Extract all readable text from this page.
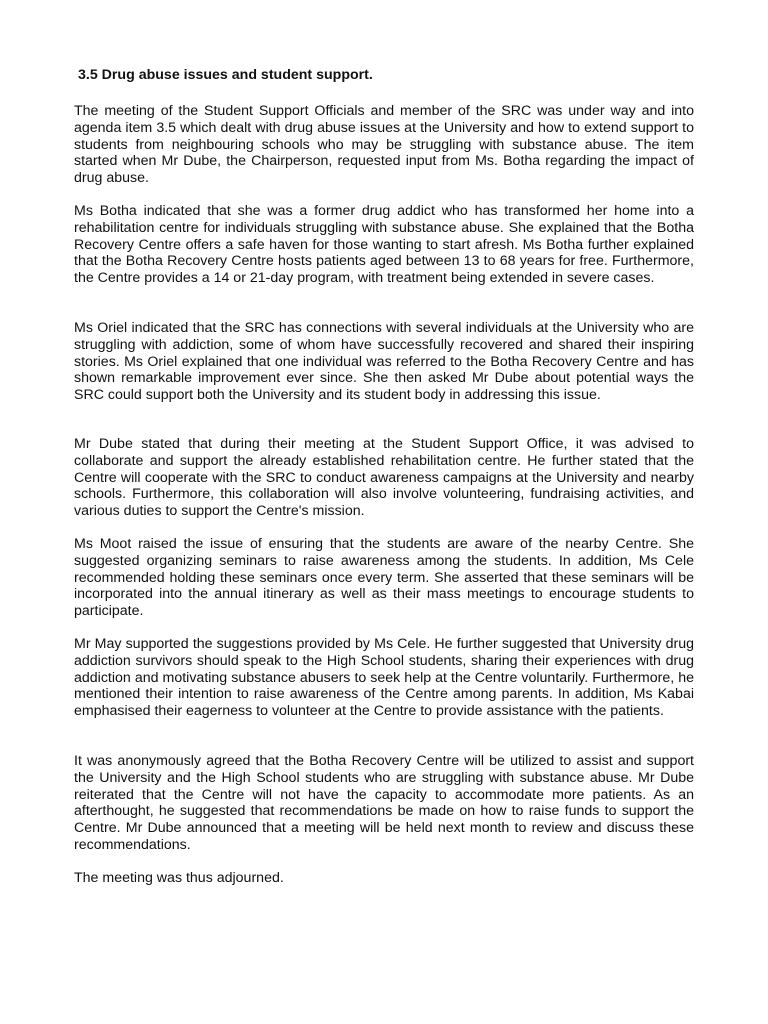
3.5 Drug abuse issues and student support.

The meeting of the Student Support Officials and member of the SRC was under way and into agenda item 3.5 which dealt with drug abuse issues at the University and how to extend support to students from neighbouring schools who may be struggling with substance abuse. The item started when Mr Dube, the Chairperson, requested input from Ms. Botha regarding the impact of drug abuse.

Ms Botha indicated that she was a former drug addict who has transformed her home into a rehabilitation centre for individuals struggling with substance abuse. She explained that the Botha Recovery Centre offers a safe haven for those wanting to start afresh. Ms Botha further explained that the Botha Recovery Centre hosts patients aged between 13 to 68 years for free. Furthermore, the Centre provides a 14 or 21-day program, with treatment being extended in severe cases.

Ms Oriel indicated that the SRC has connections with several individuals at the University who are struggling with addiction, some of whom have successfully recovered and shared their inspiring stories. Ms Oriel explained that one individual was referred to the Botha Recovery Centre and has shown remarkable improvement ever since. She then asked Mr Dube about potential ways the SRC could support both the University and its student body in addressing this issue.

Mr Dube stated that during their meeting at the Student Support Office, it was advised to collaborate and support the already established rehabilitation centre. He further stated that the Centre will cooperate with the SRC to conduct awareness campaigns at the University and nearby schools. Furthermore, this collaboration will also involve volunteering, fundraising activities, and various duties to support the Centre's mission.

Ms Moot raised the issue of ensuring that the students are aware of the nearby Centre. She suggested organizing seminars to raise awareness among the students. In addition, Ms Cele recommended holding these seminars once every term. She asserted that these seminars will be incorporated into the annual itinerary as well as their mass meetings to encourage students to participate.

Mr May supported the suggestions provided by Ms Cele. He further suggested that University drug addiction survivors should speak to the High School students, sharing their experiences with drug addiction and motivating substance abusers to seek help at the Centre voluntarily. Furthermore, he mentioned their intention to raise awareness of the Centre among parents. In addition, Ms Kabai emphasised their eagerness to volunteer at the Centre to provide assistance with the patients.

It was anonymously agreed that the Botha Recovery Centre will be utilized to assist and support the University and the High School students who are struggling with substance abuse. Mr Dube reiterated that the Centre will not have the capacity to accommodate more patients. As an afterthought, he suggested that recommendations be made on how to raise funds to support the Centre. Mr Dube announced that a meeting will be held next month to review and discuss these recommendations.

The meeting was thus adjourned.
